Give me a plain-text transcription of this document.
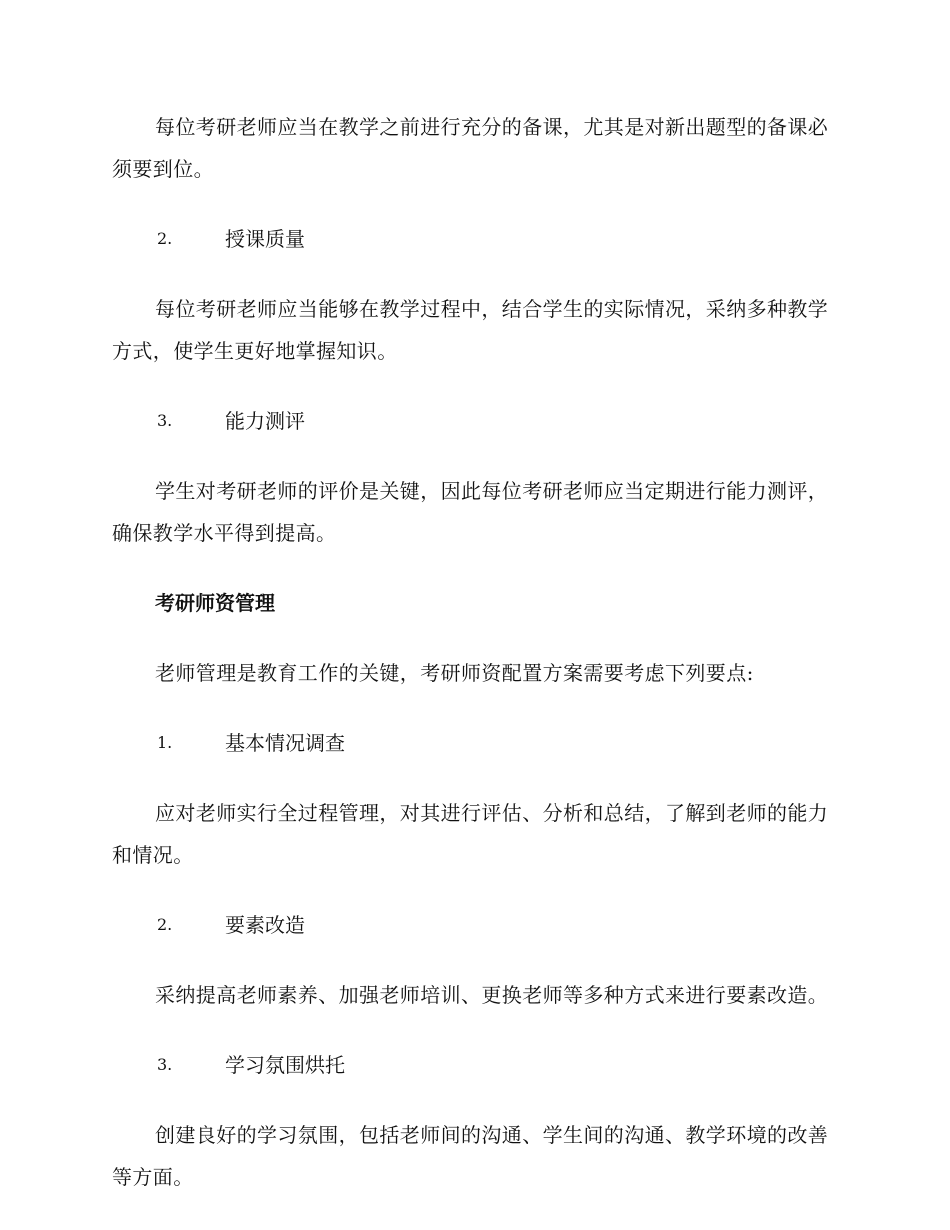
每位考研老师应当在教学之前进行充分的备课，尤其是对新出题型的备课必须要到位。

2.	授课质量

每位考研老师应当能够在教学过程中，结合学生的实际情况，采纳多种教学方式，使学生更好地掌握知识。

3.	能力测评

学生对考研老师的评价是关键，因此每位考研老师应当定期进行能力测评，确保教学水平得到提高。

考研师资管理

老师管理是教育工作的关键，考研师资配置方案需要考虑下列要点:

1.	基本情况调查

应对老师实行全过程管理，对其进行评估、分析和总结，了解到老师的能力和情况。

2.	要素改造

采纳提高老师素养、加强老师培训、更换老师等多种方式来进行要素改造。

3.	学习氛围烘托

创建良好的学习氛围，包括老师间的沟通、学生间的沟通、教学环境的改善等方面。
